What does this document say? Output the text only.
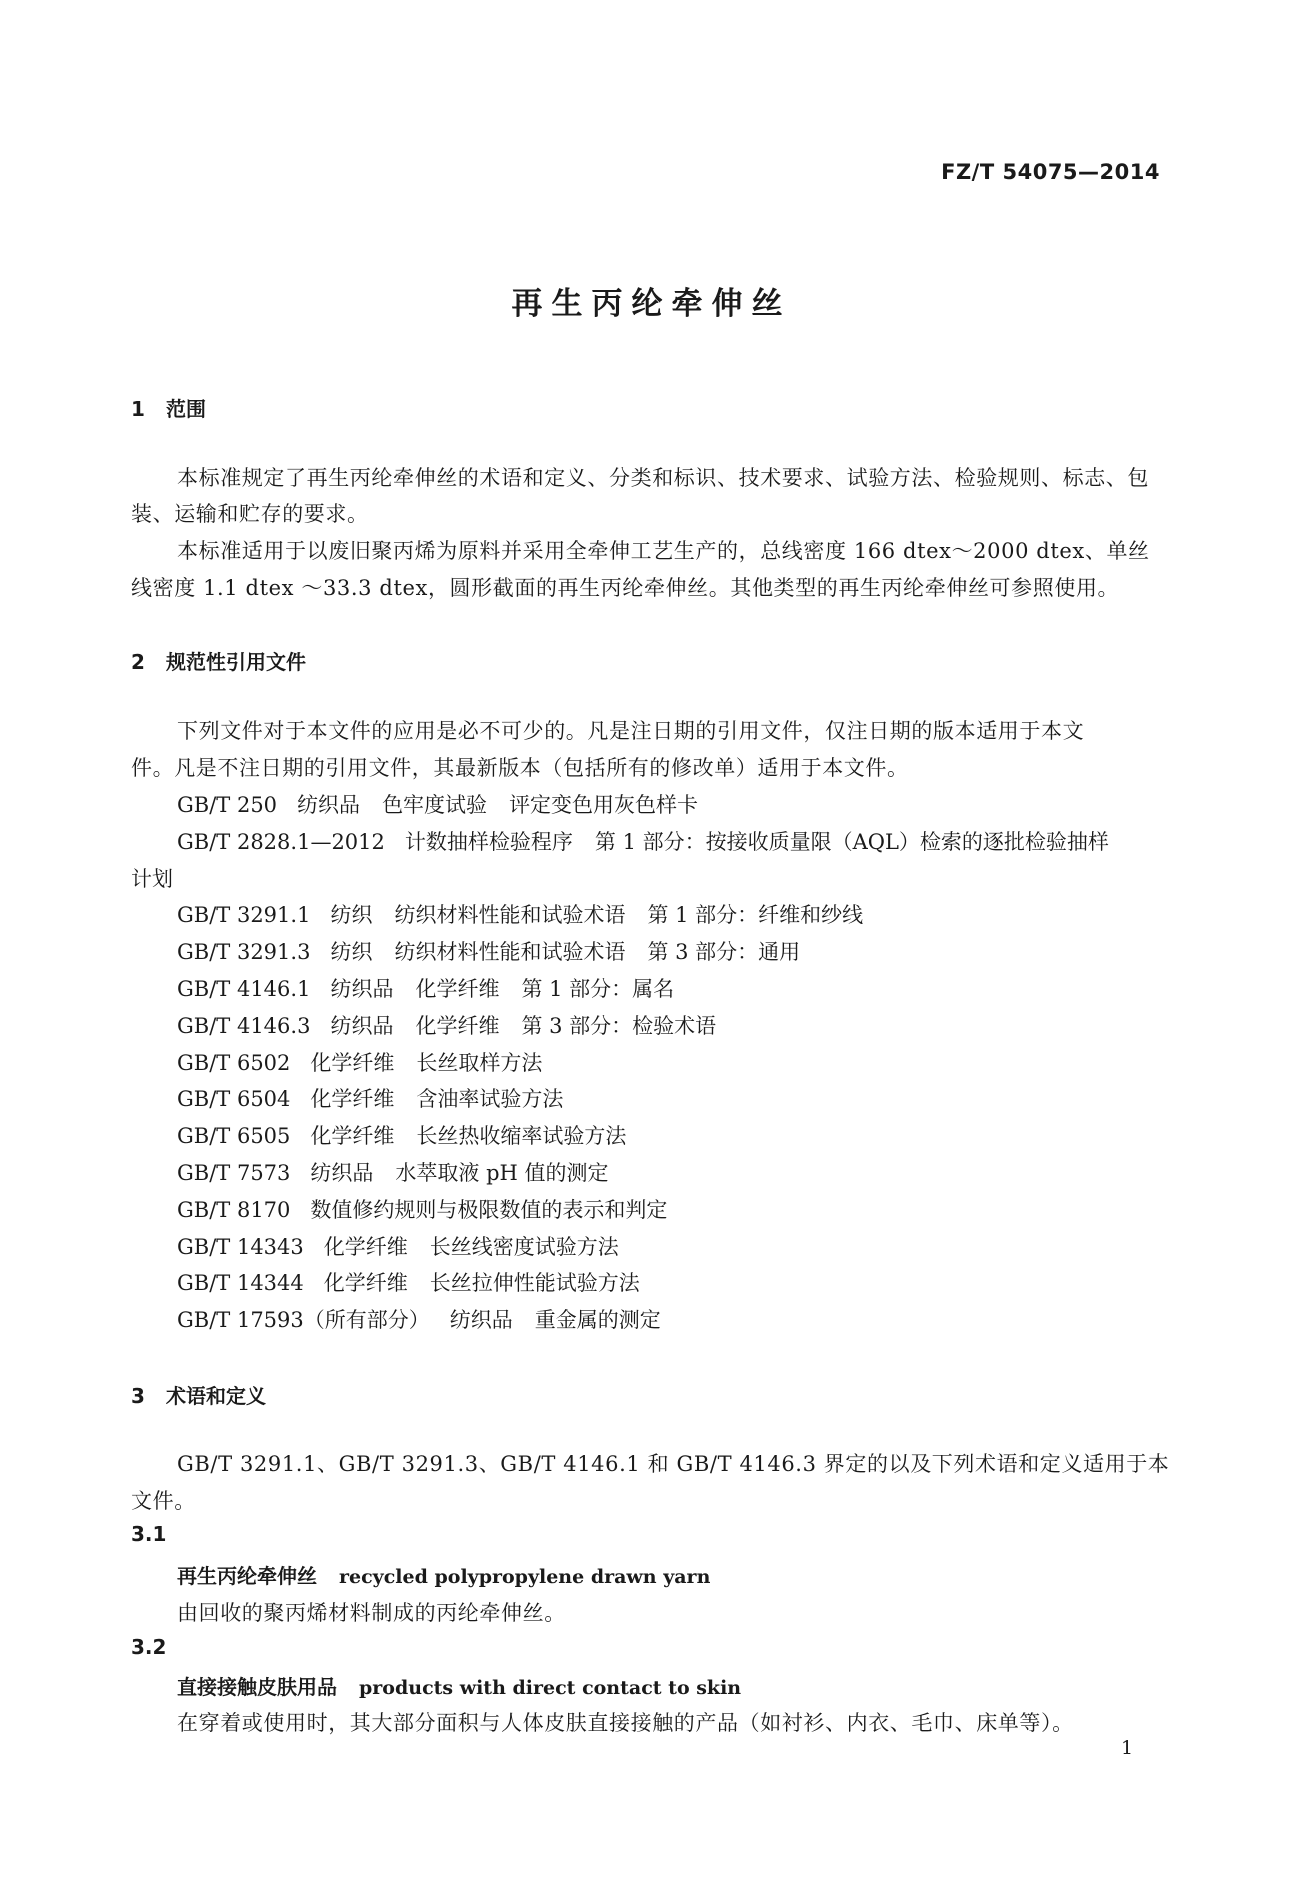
FZ/T 54075—2014
再生丙纶牵伸丝
1 范围
本标准规定了再生丙纶牵伸丝的术语和定义、分类和标识、技术要求、试验方法、检验规则、标志、包
装、运输和贮存的要求。
本标准适用于以废旧聚丙烯为原料并采用全牵伸工艺生产的，总线密度 166 dtex～2000 dtex、单丝
线密度 1.1 dtex ～33.3 dtex，圆形截面的再生丙纶牵伸丝。其他类型的再生丙纶牵伸丝可参照使用。
2 规范性引用文件
下列文件对于本文件的应用是必不可少的。凡是注日期的引用文件，仅注日期的版本适用于本文
件。凡是不注日期的引用文件，其最新版本（包括所有的修改单）适用于本文件。
GB/T 250 纺织品 色牢度试验 评定变色用灰色样卡
GB/T 2828.1—2012 计数抽样检验程序 第 1 部分：按接收质量限（AQL）检索的逐批检验抽样
计划
GB/T 3291.1 纺织 纺织材料性能和试验术语 第 1 部分：纤维和纱线
GB/T 3291.3 纺织 纺织材料性能和试验术语 第 3 部分：通用
GB/T 4146.1 纺织品 化学纤维 第 1 部分：属名
GB/T 4146.3 纺织品 化学纤维 第 3 部分：检验术语
GB/T 6502 化学纤维 长丝取样方法
GB/T 6504 化学纤维 含油率试验方法
GB/T 6505 化学纤维 长丝热收缩率试验方法
GB/T 7573 纺织品 水萃取液 pH 值的测定
GB/T 8170 数值修约规则与极限数值的表示和判定
GB/T 14343 化学纤维 长丝线密度试验方法
GB/T 14344 化学纤维 长丝拉伸性能试验方法
GB/T 17593（所有部分） 纺织品 重金属的测定
3 术语和定义
GB/T 3291.1、GB/T 3291.3、GB/T 4146.1 和 GB/T 4146.3 界定的以及下列术语和定义适用于本
文件。
3.1
再生丙纶牵伸丝 recycled polypropylene drawn yarn
由回收的聚丙烯材料制成的丙纶牵伸丝。
3.2
直接接触皮肤用品 products with direct contact to skin
在穿着或使用时，其大部分面积与人体皮肤直接接触的产品（如衬衫、内衣、毛巾、床单等）。
1
